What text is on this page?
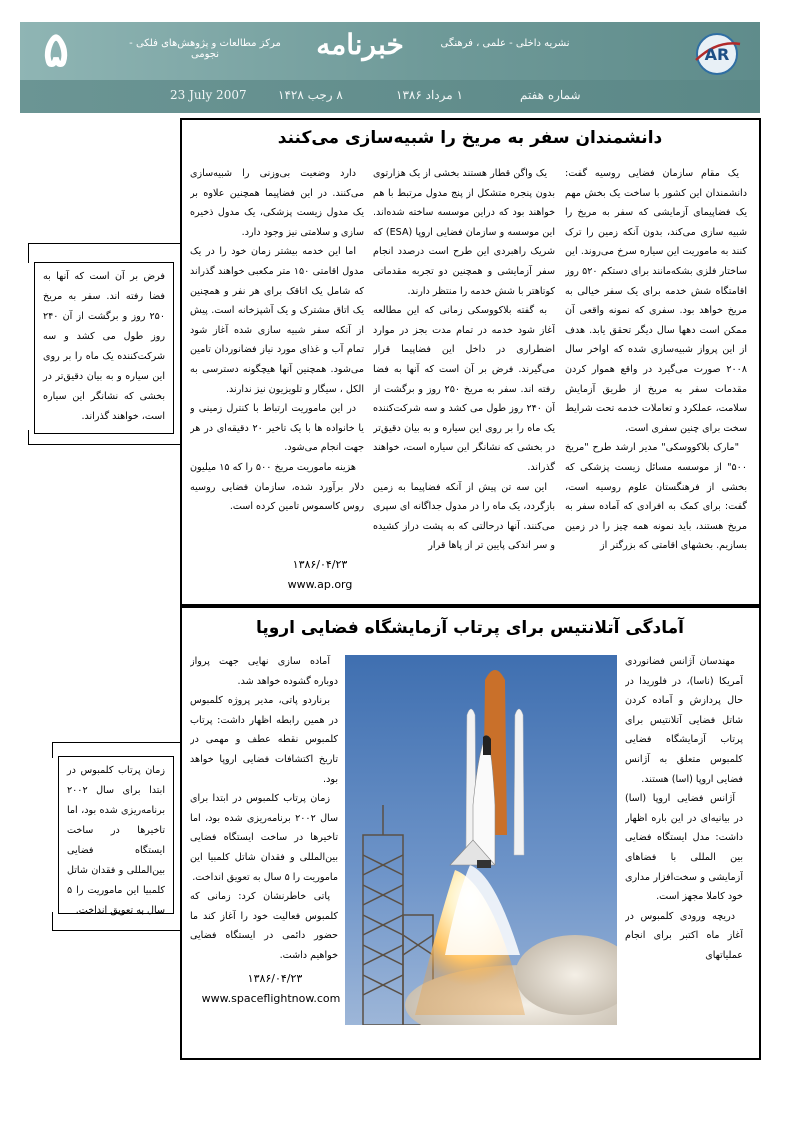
۵	خبرنامه
مرکز مطالعات و پژوهش‌های فلکی - نجومی
نشریه داخلی - علمی ، فرهنگی
AR
شماره هفتم
۱ مرداد ۱۳۸۶
۸ رجب ۱۴۲۸
23 July 2007
دانشمندان سفر به مریخ را شبیه‌سازی می‌کنند

یک مقام سازمان فضایی روسیه گفت: دانشمندان این کشور با ساخت یک بخش مهم یک فضاپیمای آزمایشی که سفر به مریخ را شبیه سازی می‌کند، بدون آنکه زمین را ترک کنند به ماموریت این سیاره سرخ می‌روند. این ساختار فلزی بشکه‌مانند برای دستکم ۵۲۰ روز اقامتگاه شش خدمه برای یک سفر خیالی به مریخ خواهد بود. سفری که نمونه واقعی آن ممکن است دهها سال دیگر تحقق یابد. هدف از این پرواز شبیه‌سازی شده که اواخر سال ۲۰۰۸ صورت می‌گیرد در واقع هموار کردن مقدمات سفر به مریخ از طریق آزمایش سلامت، عملکرد و تعاملات خدمه تحت شرایط سخت برای چنین سفری است.

"مارک بلاکووسکی" مدیر ارشد طرح "مریخ ۵۰۰" از موسسه مسائل زیست پزشکی که بخشی از فرهنگستان علوم روسیه است، گفت: برای کمک به افرادی که آماده سفر به مریخ هستند، باید نمونه همه چیز را در زمین بسازیم. بخشهای اقامتی که بزرگتر از

یک واگن قطار هستند بخشی از یک هزارتوی بدون پنجره متشکل از پنج مدول مرتبط با هم خواهند بود که دراین موسسه ساخته شده‌اند. این موسسه و سازمان فضایی اروپا (ESA) که شریک راهبردی این طرح است درصدد انجام سفر آزمایشی و همچنین دو تجربه مقدماتی کوتاهتر با شش خدمه را منتظر دارند.

به گفته بلاکووسکی زمانی که این مطالعه آغاز شود خدمه در تمام مدت بجز در موارد اضطراری در داخل این فضاپیما قرار می‌گیرند. فرض بر آن است که آنها به فضا رفته اند. سفر به مریخ ۲۵۰ روز و برگشت از آن ۲۴۰ روز طول می کشد و سه شرکت‌کننده یک ماه را بر روی این سیاره و به بیان دقیق‌تر در بخشی که نشانگر این سیاره است، خواهند گذراند.

این سه تن پیش از آنکه فضاپیما به زمین بازگردد، یک ماه را در مدول جداگانه ای سپری می‌کنند. آنها درحالتی که به پشت دراز کشیده و سر اندکی پایین تر از پاها قرار

دارد وضعیت بی‌وزنی را شبیه‌سازی می‌کنند. در این فضاپیما همچنین علاوه بر یک مدول زیست پزشکی، یک مدول ذخیره سازی و سلامتی نیز وجود دارد.

اما این خدمه بیشتر زمان خود را در یک مدول اقامتی ۱۵۰ متر مکعبی خواهند گذراند که شامل یک اتاقک برای هر نفر و همچنین یک اتاق مشترک و یک آشپزخانه است. پیش از آنکه سفر شبیه سازی شده آغاز شود تمام آب و غذای مورد نیاز فضانوردان تامین می‌شود. همچنین آنها هیچگونه دسترسی به الکل ، سیگار و تلویزیون نیز ندارند.

در این ماموریت ارتباط با کنترل زمینی و یا خانواده ها با یک تاخیر ۲۰ دقیقه‌ای در هر جهت انجام می‌شود.

هزینه ماموریت مریخ ۵۰۰ را که ۱۵ میلیون دلار برآورد شده، سازمان فضایی روسیه روس کاسموس تامین کرده است.

۱۳۸۶/۰۴/۲۳
www.ap.org
فرض بر آن است که آنها به فضا رفته اند. سفر به مریخ ۲۵۰ روز و برگشت از آن ۲۴۰ روز طول می کشد و سه شرکت‌کننده یک ماه را بر روی این سیاره و به بیان دقیق‌تر در بخشی که نشانگر این سیاره است، خواهند گذراند.
آمادگی آتلانتیس برای پرتاب آزمایشگاه فضایی اروپا

مهندسان آژانس فضانوردی آمریکا (ناسا)، در فلوریدا در حال پردازش و آماده کردن شاتل فضایی آتلانتیس برای پرتاب آزمایشگاه فضایی کلمبوس متعلق به آژانس فضایی اروپا (اسا) هستند.

آژانس فضایی اروپا (اسا) در بیانیه‌ای در این باره اظهار داشت: مدل ایستگاه فضایی بین المللی با فضاهای آزمایشی و سخت‌افزار مداری خود کاملا مجهز است.

دریچه ورودی کلمبوس در آغاز ماه اکتبر برای انجام عملیاتهای

آماده سازی نهایی جهت پرواز دوباره گشوده خواهد شد.

برناردو پاتی، مدیر پروژه کلمبوس در همین رابطه اظهار داشت: پرتاب کلمبوس نقطه عطف و مهمی در تاریخ اکتشافات فضایی اروپا خواهد بود.

زمان پرتاب کلمبوس در ابتدا برای سال ۲۰۰۲ برنامه‌ریزی شده بود، اما تاخیرها در ساخت ایستگاه فضایی بین‌المللی و فقدان شاتل کلمبیا این ماموریت را ۵ سال به تعویق انداخت.

پاتی خاطرنشان کرد: زمانی که کلمبوس فعالیت خود را آغاز کند ما حضور دائمی در ایستگاه فضایی خواهیم داشت.

۱۳۸۶/۰۴/۲۳
www.spaceflightnow.com
زمان پرتاب کلمبوس در ابتدا برای سال ۲۰۰۲ برنامه‌ریزی شده بود، اما تاخیرها در ساخت ایستگاه فضایی بین‌المللی و فقدان شاتل کلمبیا این ماموریت را ۵ سال به تعویق انداخت.
